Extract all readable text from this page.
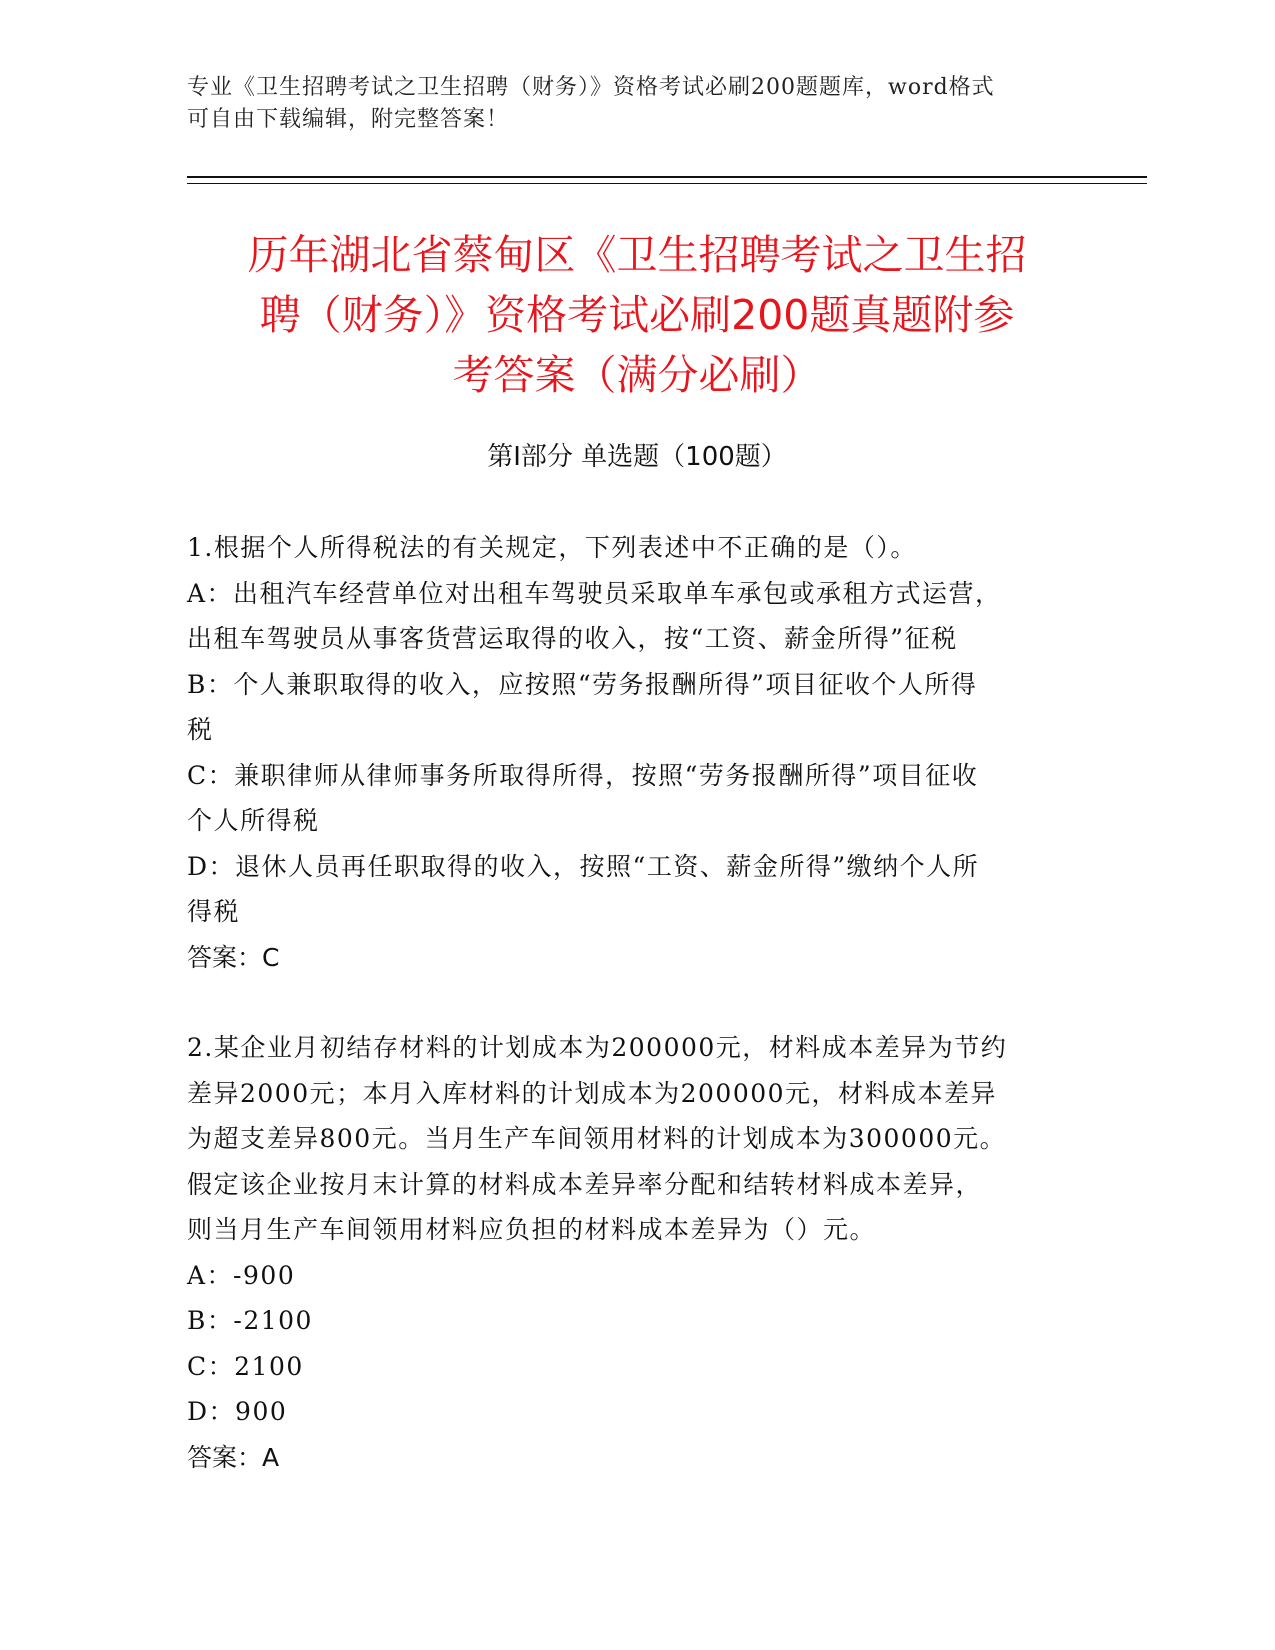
专业《卫生招聘考试之卫生招聘（财务）》资格考试必刷200题题库，word格式
可自由下载编辑，附完整答案！
历年湖北省蔡甸区《卫生招聘考试之卫生招
聘（财务）》资格考试必刷200题真题附参
考答案（满分必刷）
第Ⅰ部分 单选题（100题）
1.根据个人所得税法的有关规定，下列表述中不正确的是（）。
A：出租汽车经营单位对出租车驾驶员采取单车承包或承租方式运营，
出租车驾驶员从事客货营运取得的收入，按“工资、薪金所得”征税
B：个人兼职取得的收入，应按照“劳务报酬所得”项目征收个人所得
税
C：兼职律师从律师事务所取得所得，按照“劳务报酬所得”项目征收
个人所得税
D：退休人员再任职取得的收入，按照“工资、薪金所得”缴纳个人所
得税
答案：C
2.某企业月初结存材料的计划成本为200000元，材料成本差异为节约
差异2000元；本月入库材料的计划成本为200000元，材料成本差异
为超支差异800元。当月生产车间领用材料的计划成本为300000元。
假定该企业按月末计算的材料成本差异率分配和结转材料成本差异，
则当月生产车间领用材料应负担的材料成本差异为（）元。
A：-900
B：-2100
C：2100
D：900
答案：A
